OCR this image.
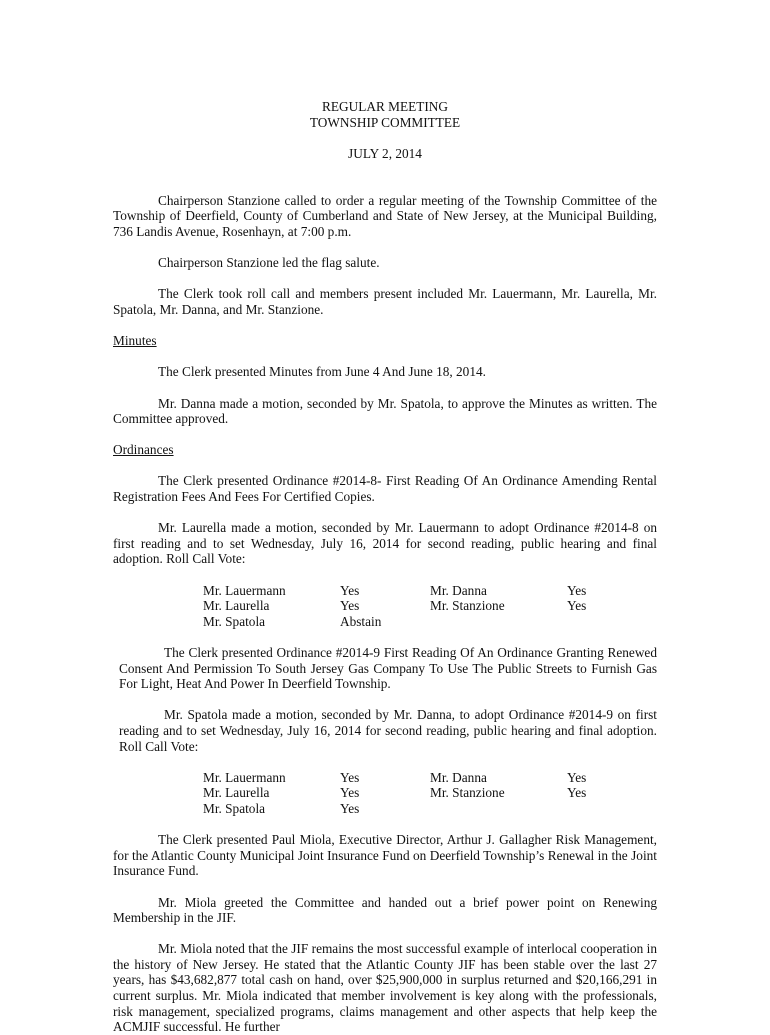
REGULAR MEETING
TOWNSHIP COMMITTEE
JULY 2, 2014

Chairperson Stanzione called to order a regular meeting of the Township Committee of the Township of Deerfield, County of Cumberland and State of New Jersey, at the Municipal Building, 736 Landis Avenue, Rosenhayn, at 7:00 p.m.

Chairperson Stanzione led the flag salute.

The Clerk took roll call and members present included Mr. Lauermann, Mr. Laurella, Mr. Spatola, Mr. Danna, and Mr. Stanzione.

Minutes

The Clerk presented Minutes from June 4 And June 18, 2014.

Mr. Danna made a motion, seconded by Mr. Spatola, to approve the Minutes as written. The Committee approved.

Ordinances

The Clerk presented Ordinance #2014-8- First Reading Of An Ordinance Amending Rental Registration Fees And Fees For Certified Copies.

Mr. Laurella made a motion, seconded by Mr. Lauermann to adopt Ordinance #2014-8 on first reading and to set Wednesday, July 16, 2014 for second reading, public hearing and final adoption. Roll Call Vote:

Mr. Lauermann	Yes	Mr. Danna	Yes
Mr. Laurella	Yes	Mr. Stanzione	Yes
Mr. Spatola	Abstain		

The Clerk presented Ordinance #2014-9 First Reading Of An Ordinance Granting Renewed Consent And Permission To South Jersey Gas Company To Use The Public Streets to Furnish Gas For Light, Heat And Power In Deerfield Township.

Mr. Spatola made a motion, seconded by Mr. Danna, to adopt Ordinance #2014-9 on first reading and to set Wednesday, July 16, 2014 for second reading, public hearing and final adoption. Roll Call Vote:

Mr. Lauermann	Yes	Mr. Danna	Yes
Mr. Laurella	Yes	Mr. Stanzione	Yes
Mr. Spatola	Yes		

The Clerk presented Paul Miola, Executive Director, Arthur J. Gallagher Risk Management, for the Atlantic County Municipal Joint Insurance Fund on Deerfield Township’s Renewal in the Joint Insurance Fund.

Mr. Miola greeted the Committee and handed out a brief power point on Renewing Membership in the JIF.

Mr. Miola noted that the JIF remains the most successful example of interlocal cooperation in the history of New Jersey. He stated that the Atlantic County JIF has been stable over the last 27 years, has $43,682,877 total cash on hand, over $25,900,000 in surplus returned and $20,166,291 in current surplus. Mr. Miola indicated that member involvement is key along with the professionals, risk management, specialized programs, claims management and other aspects that help keep the ACMJIF successful. He further
